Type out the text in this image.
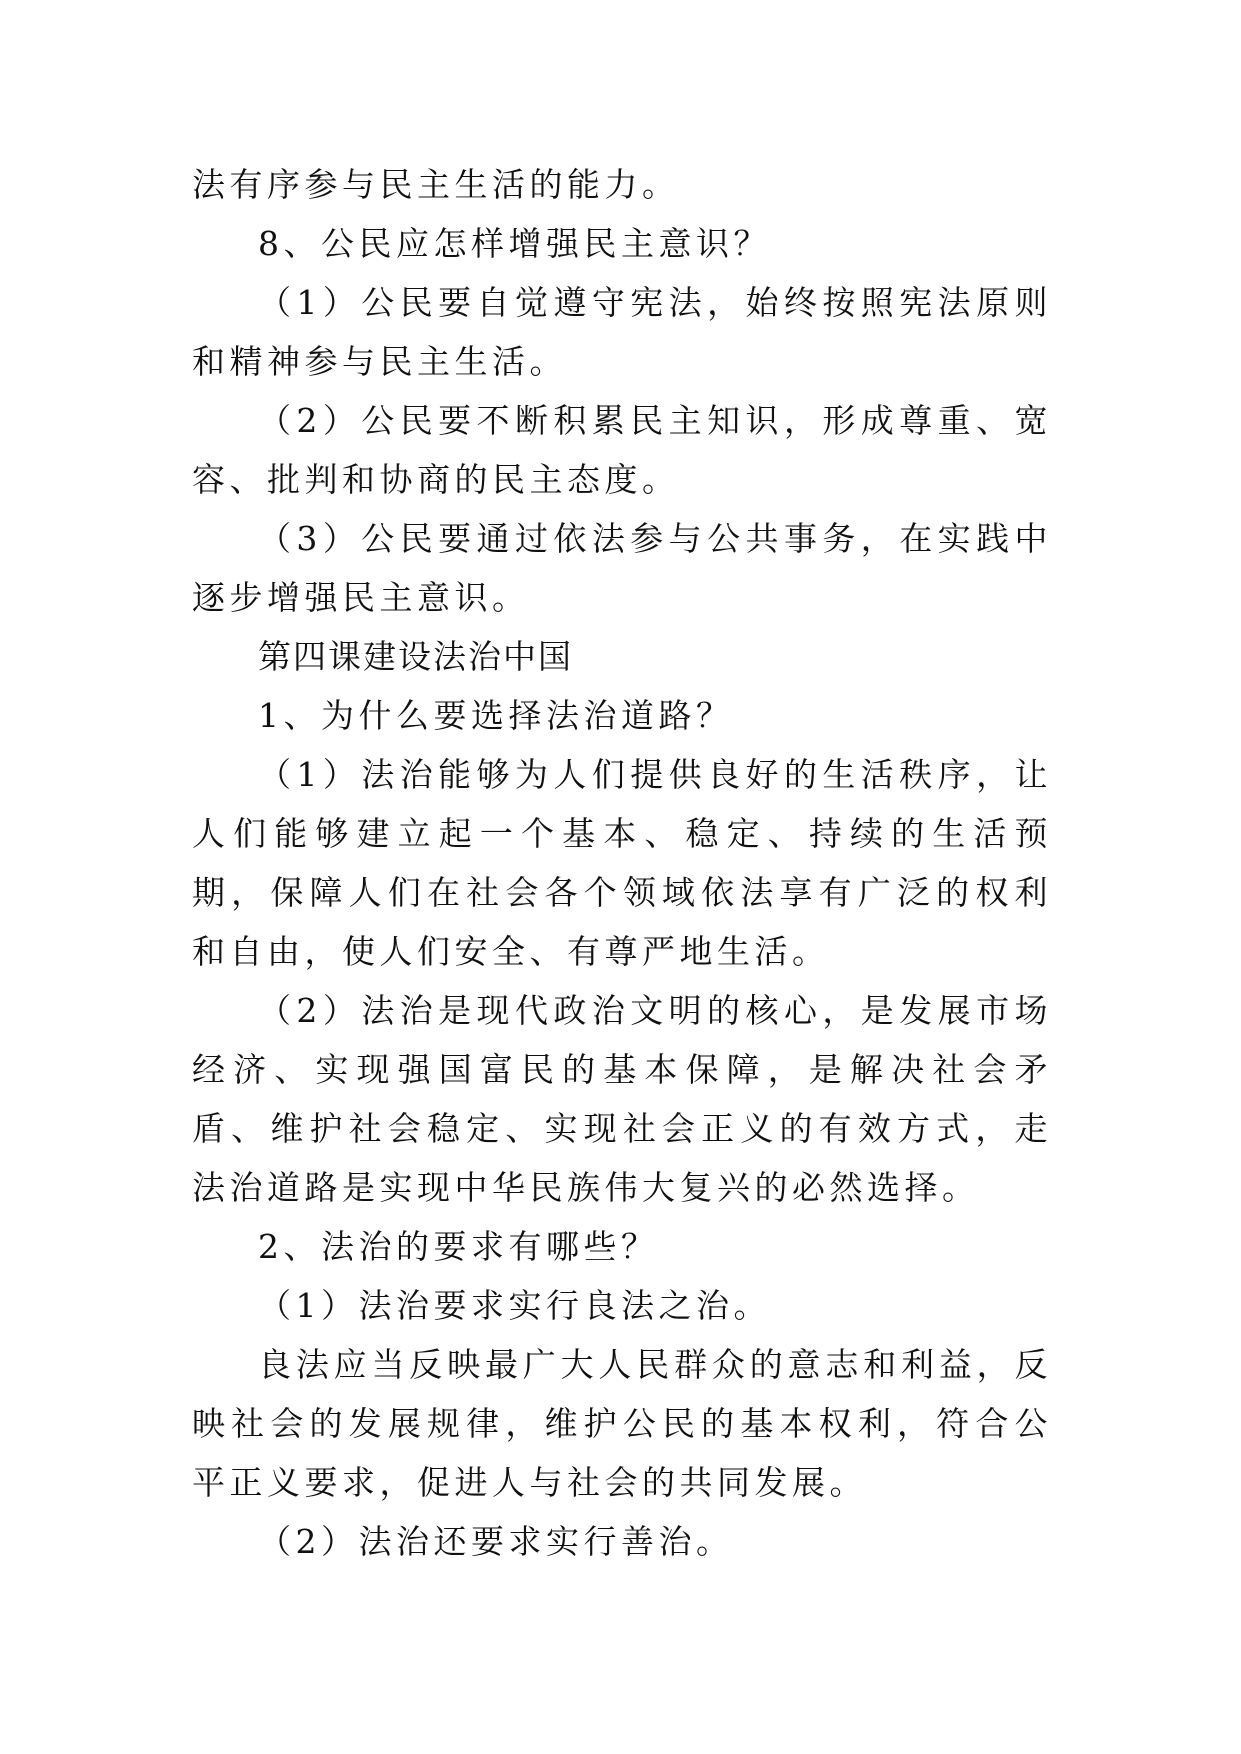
法有序参与民主生活的能力。

8、公民应怎样增强民主意识？

（1）公民要自觉遵守宪法，始终按照宪法原则和精神参与民主生活。

（2）公民要不断积累民主知识，形成尊重、宽容、批判和协商的民主态度。

（3）公民要通过依法参与公共事务，在实践中逐步增强民主意识。

第四课建设法治中国

1、为什么要选择法治道路？

（1）法治能够为人们提供良好的生活秩序，让人们能够建立起一个基本、稳定、持续的生活预期，保障人们在社会各个领域依法享有广泛的权利和自由，使人们安全、有尊严地生活。

（2）法治是现代政治文明的核心，是发展市场经济、实现强国富民的基本保障，是解决社会矛盾、维护社会稳定、实现社会正义的有效方式，走法治道路是实现中华民族伟大复兴的必然选择。

2、法治的要求有哪些？

（1）法治要求实行良法之治。

良法应当反映最广大人民群众的意志和利益，反映社会的发展规律，维护公民的基本权利，符合公平正义要求，促进人与社会的共同发展。

（2）法治还要求实行善治。
